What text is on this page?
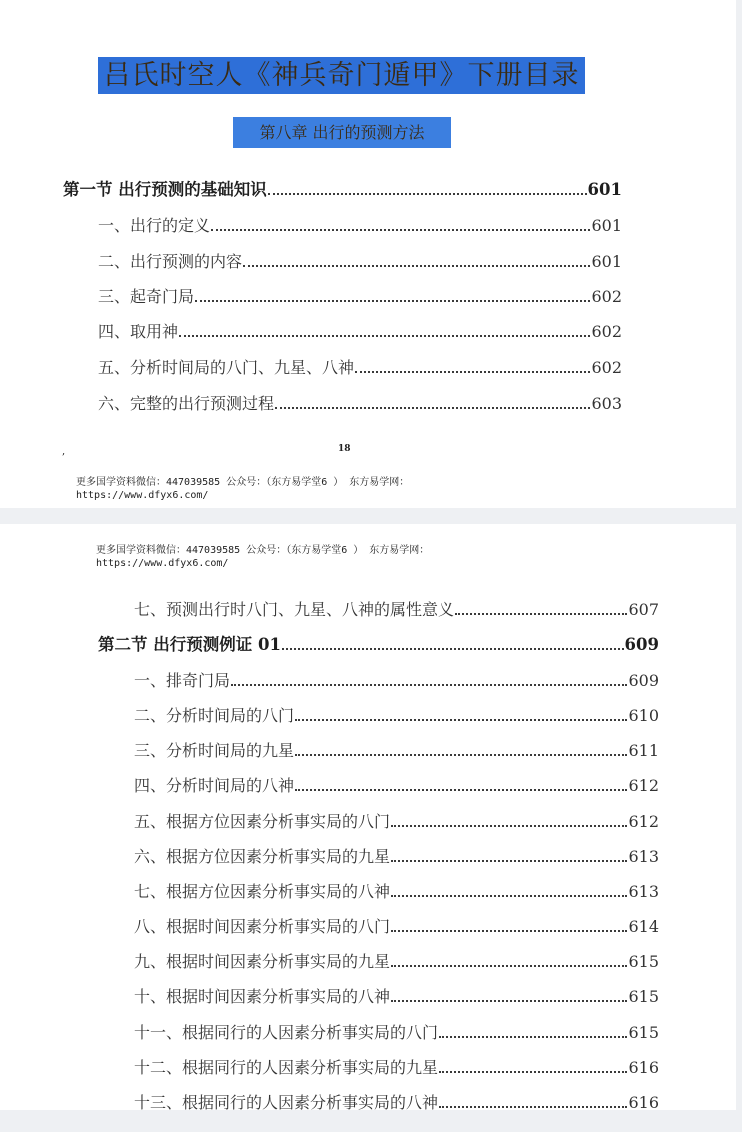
吕氏时空人《神兵奇门遁甲》下册目录
第八章 出行的预测方法
第一节 出行预测的基础知识	601
一、出行的定义	601
二、出行预测的内容	601
三、起奇门局	602
四、取用神	602
五、分析时间局的八门、九星、八神	602
六、完整的出行预测过程	603
,	18
更多国学资料微信：447039585 公众号：（东方易学堂6 ） 东方易学网：
https://www.dfyx6.com/
更多国学资料微信：447039585 公众号：（东方易学堂6 ） 东方易学网：
https://www.dfyx6.com/
七、预测出行时八门、九星、八神的属性意义	607
第二节 出行预测例证 01	609
一、排奇门局	609
二、分析时间局的八门	610
三、分析时间局的九星	611
四、分析时间局的八神	612
五、根据方位因素分析事实局的八门	612
六、根据方位因素分析事实局的九星	613
七、根据方位因素分析事实局的八神	613
八、根据时间因素分析事实局的八门	614
九、根据时间因素分析事实局的九星	615
十、根据时间因素分析事实局的八神	615
十一、根据同行的人因素分析事实局的八门	615
十二、根据同行的人因素分析事实局的九星	616
十三、根据同行的人因素分析事实局的八神	616
